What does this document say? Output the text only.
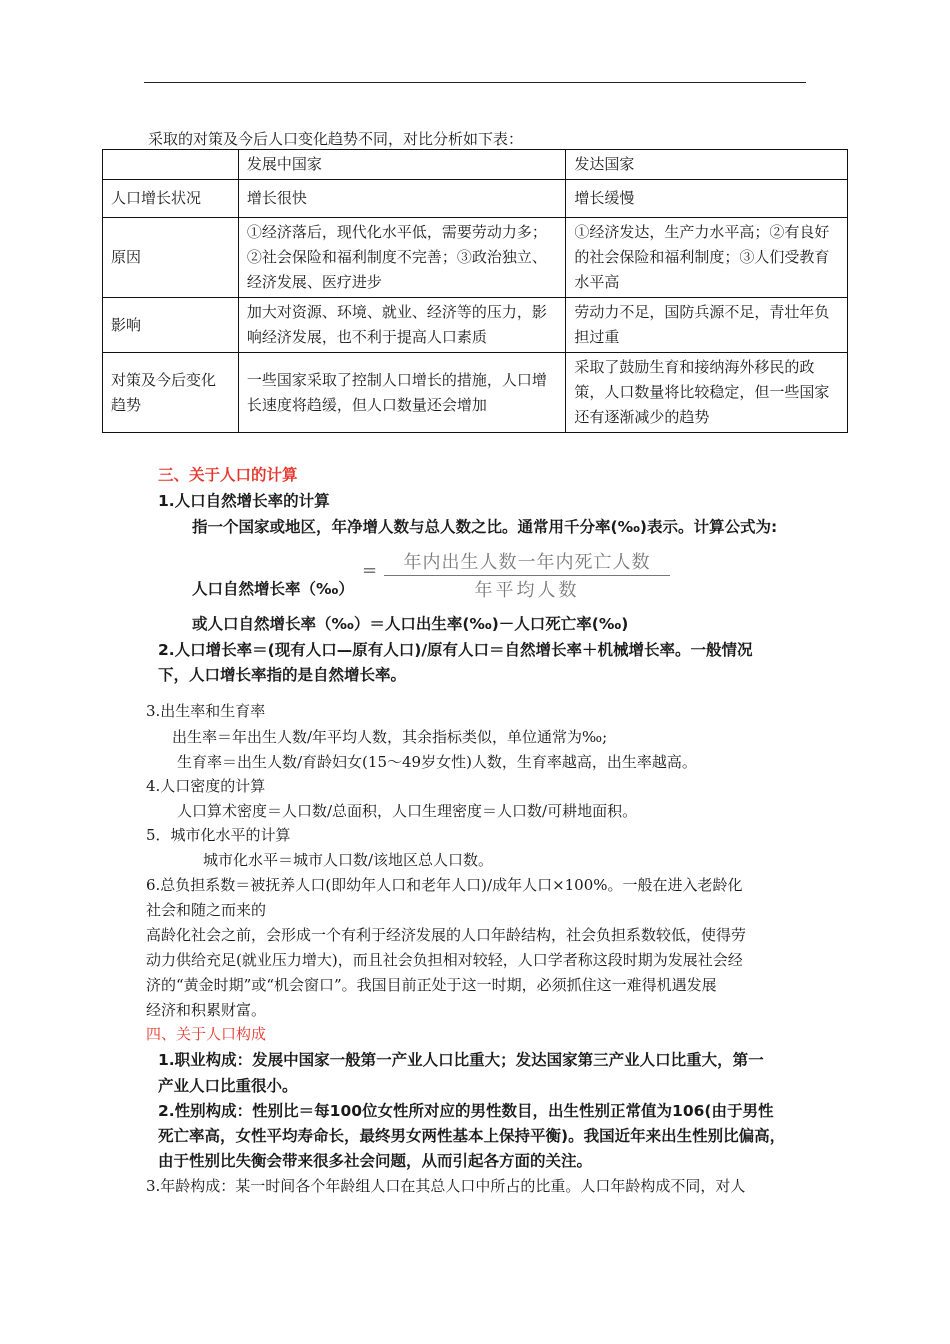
采取的对策及今后人口变化趋势不同，对比分析如下表：
	发展中国家	发达国家
人口增长状况	增长很快	增长缓慢
原因	①经济落后，现代化水平低，需要劳动力多；②社会保险和福利制度不完善；③政治独立、经济发展、医疗进步	①经济发达，生产力水平高；②有良好的社会保险和福利制度；③人们受教育水平高
影响	加大对资源、环境、就业、经济等的压力，影响经济发展，也不利于提高人口素质	劳动力不足，国防兵源不足，青壮年负担过重
对策及今后变化趋势	一些国家采取了控制人口增长的措施，人口增长速度将趋缓，但人口数量还会增加	采取了鼓励生育和接纳海外移民的政策，人口数量将比较稳定，但一些国家还有逐渐减少的趋势
三、关于人口的计算
1.人口自然增长率的计算
指一个国家或地区，年净增人数与总人数之比。通常用千分率(‰)表示。计算公式为:
=	年内出生人数一年内死亡人数
年平均人数
人口自然增长率（‰）
或人口自然增长率（‰）＝人口出生率(‰)－人口死亡率(‰)
2.人口增长率＝(现有人口—原有人口)/原有人口＝自然增长率＋机械增长率。一般情况
下，人口增长率指的是自然增长率。
3.出生率和生育率
出生率＝年出生人数/年平均人数，其余指标类似，单位通常为‰;
生育率＝出生人数/育龄妇女(15～49岁女性)人数，生育率越高，出生率越高。
4.人口密度的计算
人口算术密度＝人口数/总面积，人口生理密度＝人口数/可耕地面积。
5．城市化水平的计算
城市化水平＝城市人口数/该地区总人口数。
6.总负担系数＝被抚养人口(即幼年人口和老年人口)/成年人口×100%。一般在进入老龄化
社会和随之而来的
高龄化社会之前，会形成一个有利于经济发展的人口年龄结构，社会负担系数较低，使得劳
动力供给充足(就业压力增大)，而且社会负担相对较轻，人口学者称这段时期为发展社会经
济的“黄金时期”或“机会窗口”。我国目前正处于这一时期，必须抓住这一难得机遇发展
经济和积累财富。
四、关于人口构成
1.职业构成：发展中国家一般第一产业人口比重大；发达国家第三产业人口比重大，第一
产业人口比重很小。
2.性别构成：性别比＝每100位女性所对应的男性数目，出生性别正常值为106(由于男性
死亡率高，女性平均寿命长，最终男女两性基本上保持平衡)。我国近年来出生性别比偏高，
由于性别比失衡会带来很多社会问题，从而引起各方面的关注。
3.年龄构成：某一时间各个年龄组人口在其总人口中所占的比重。人口年龄构成不同，对人
